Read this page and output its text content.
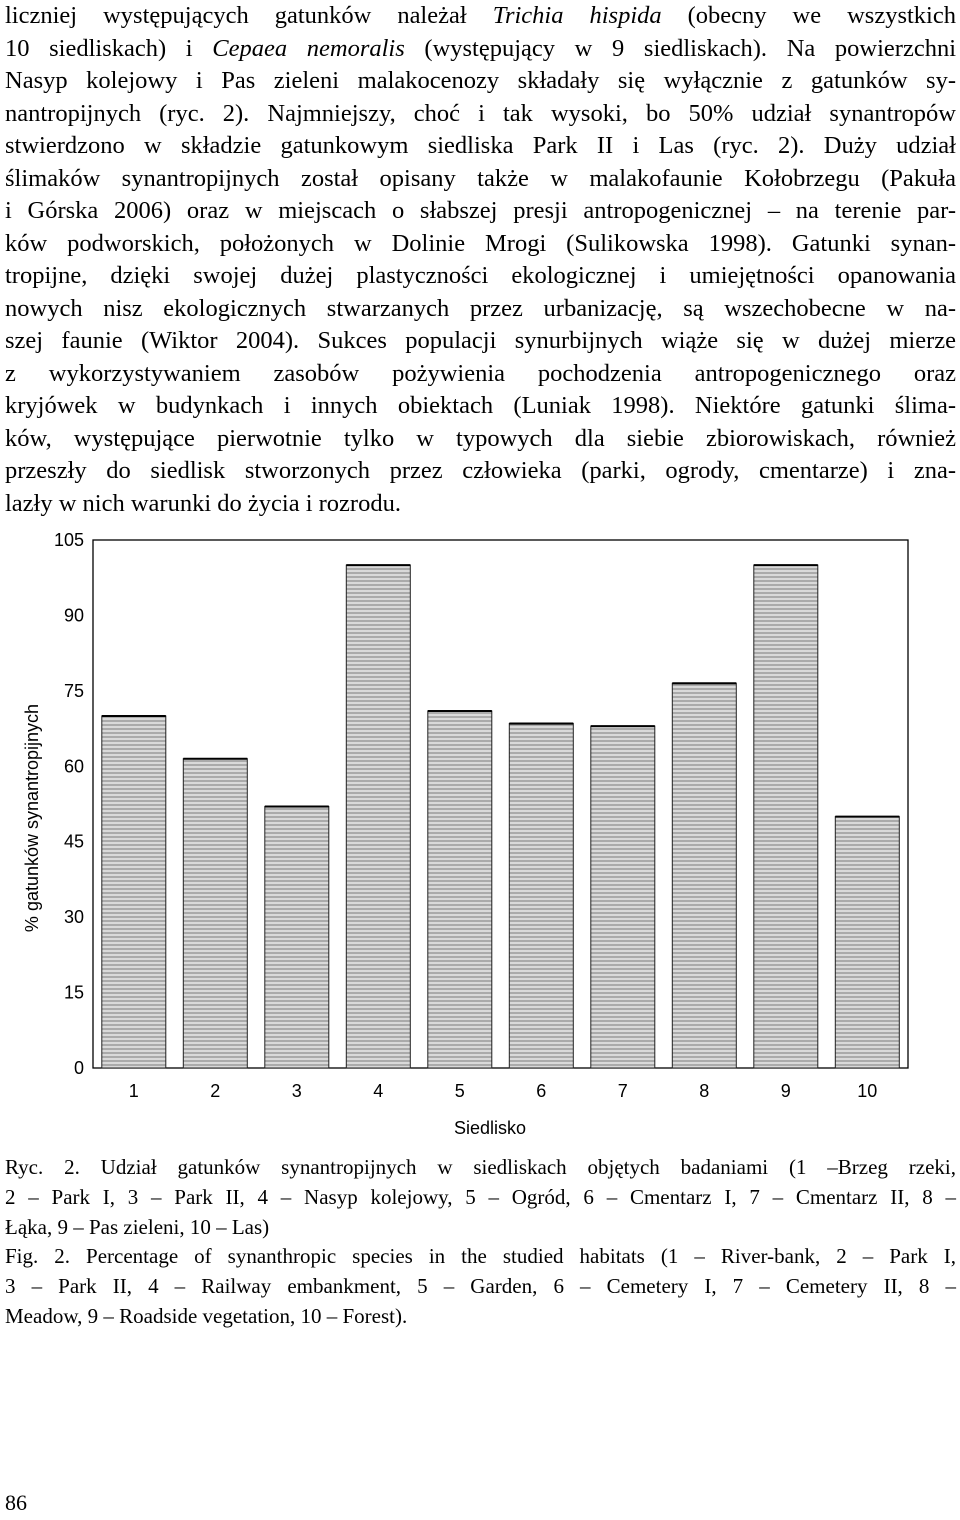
liczniej występujących gatunków należał Trichia hispida (obecny we wszystkich
10 siedliskach) i Cepaea nemoralis (występujący w 9 siedliskach). Na powierzchni
Nasyp kolejowy i Pas zieleni malakocenozy składały się wyłącznie z gatunków sy-
nantropijnych (ryc. 2). Najmniejszy, choć i tak wysoki, bo 50% udział synantropów
stwierdzono w składzie gatunkowym siedliska Park II i Las (ryc. 2). Duży udział
ślimaków synantropijnych został opisany także w malakofaunie Kołobrzegu (Pakuła
i Górska 2006) oraz w miejscach o słabszej presji antropogenicznej – na terenie par-
ków podworskich, położonych w Dolinie Mrogi (Sulikowska 1998). Gatunki synan-
tropijne, dzięki swojej dużej plastyczności ekologicznej i umiejętności opanowania
nowych nisz ekologicznych stwarzanych przez urbanizację, są wszechobecne w na-
szej faunie (Wiktor 2004). Sukces populacji synurbijnych wiąże się w dużej mierze
z wykorzystywaniem zasobów pożywienia pochodzenia antropogenicznego oraz
kryjówek w budynkach i innych obiektach (Luniak 1998). Niektóre gatunki ślima-
ków, występujące pierwotnie tylko w typowych dla siebie zbiorowiskach, również
przeszły do siedlisk stworzonych przez człowieka (parki, ogrody, cmentarze) i zna-
lazły w nich warunki do życia i rozrodu.
0
15
30
45
60
75
90
105
1	2	3	4	5	6	7	8	9	10
% gatunków synantropijnych
Siedlisko
Ryc. 2. Udział gatunków synantropijnych w siedliskach objętych badaniami (1 –Brzeg rzeki,
2 – Park I, 3 – Park II, 4 – Nasyp kolejowy, 5 – Ogród, 6 – Cmentarz I, 7 – Cmentarz II, 8 –
Łąka, 9 – Pas zieleni, 10 – Las)
Fig. 2. Percentage of synanthropic species in the studied habitats (1 – River-bank, 2 – Park I,
3 – Park II, 4 – Railway embankment, 5 – Garden, 6 – Cemetery I, 7 – Cemetery II, 8 –
Meadow, 9 – Roadside vegetation, 10 – Forest).
86
